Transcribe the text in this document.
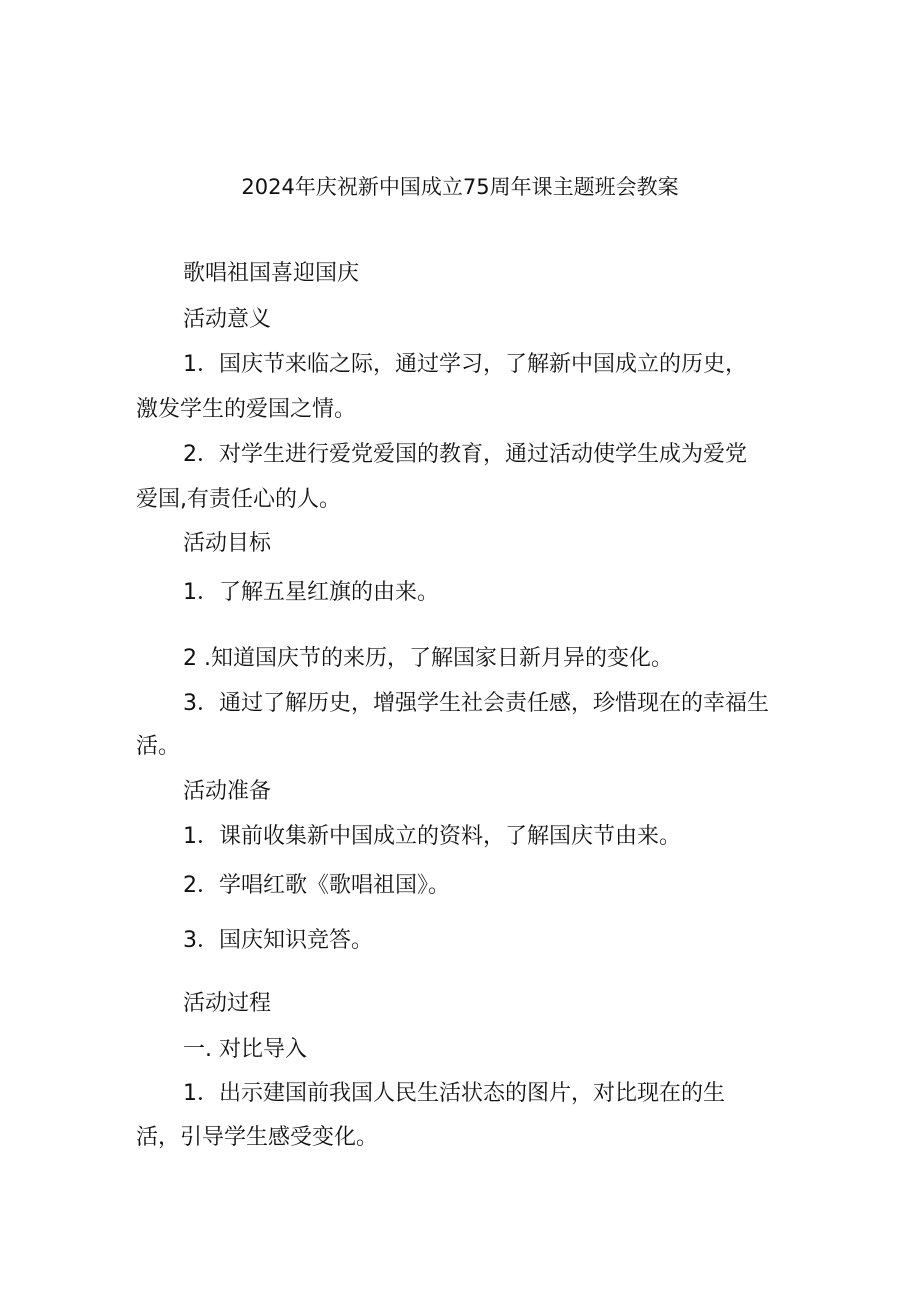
2024年庆祝新中国成立75周年课主题班会教案
歌唱祖国喜迎国庆
活动意义
1．国庆节来临之际，通过学习，了解新中国成立的历史，
激发学生的爱国之情。
2．对学生进行爱党爱国的教育，通过活动使学生成为爱党
爱国,有责任心的人。
活动目标
1．了解五星红旗的由来。
2 .知道国庆节的来历，了解国家日新月异的变化。
3．通过了解历史，增强学生社会责任感，珍惜现在的幸福生
活。
活动准备
1．课前收集新中国成立的资料，了解国庆节由来。
2．学唱红歌《歌唱祖国》。
3．国庆知识竞答。
活动过程
一. 对比导入
1．出示建国前我国人民生活状态的图片，对比现在的生
活，引导学生感受变化。
